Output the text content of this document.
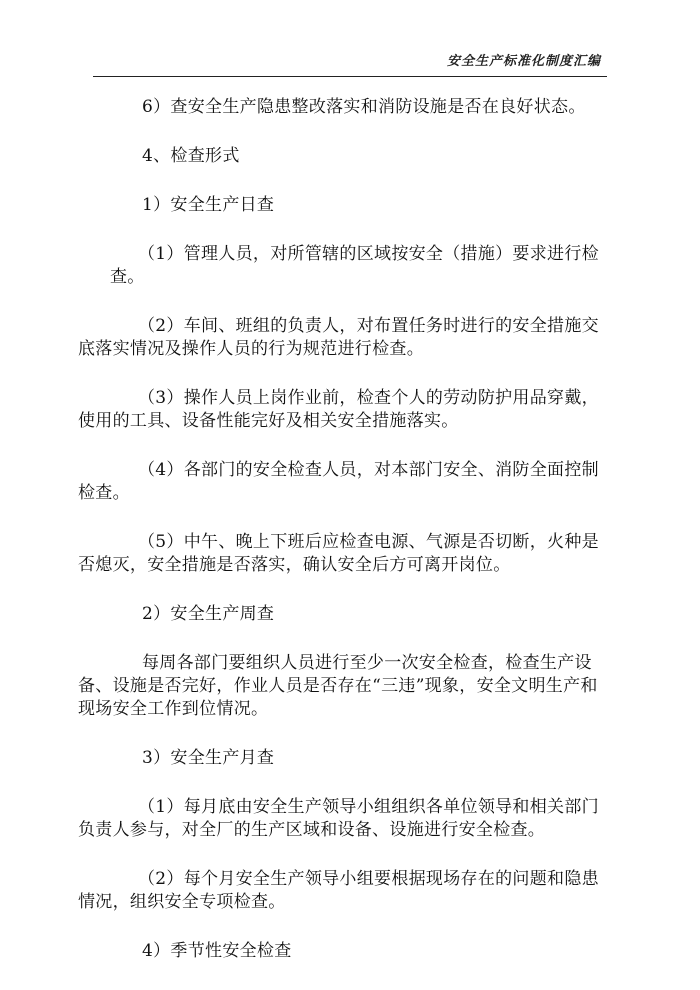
安全生产标准化制度汇编

6）查安全生产隐患整改落实和消防设施是否在良好状态。

4、检查形式

1）安全生产日查

（1）管理人员，对所管辖的区域按安全（措施）要求进行检查。

（2）车间、班组的负责人，对布置任务时进行的安全措施交底落实情况及操作人员的行为规范进行检查。

（3）操作人员上岗作业前，检查个人的劳动防护用品穿戴，使用的工具、设备性能完好及相关安全措施落实。

（4）各部门的安全检查人员，对本部门安全、消防全面控制检查。

（5）中午、晚上下班后应检查电源、气源是否切断，火种是否熄灭，安全措施是否落实，确认安全后方可离开岗位。

2）安全生产周查

每周各部门要组织人员进行至少一次安全检查，检查生产设备、设施是否完好，作业人员是否存在“三违”现象，安全文明生产和现场安全工作到位情况。

3）安全生产月查

（1）每月底由安全生产领导小组组织各单位领导和相关部门负责人参与，对全厂的生产区域和设备、设施进行安全检查。

（2）每个月安全生产领导小组要根据现场存在的问题和隐患情况，组织安全专项检查。

4）季节性安全检查
